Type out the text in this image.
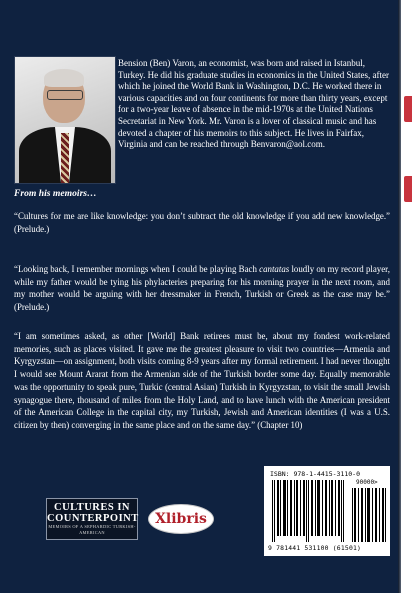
Bension (Ben) Varon, an economist, was born and raised in Istanbul, Turkey. He did his graduate studies in economics in the United States, after which he joined the World Bank in Washington, D.C. He worked there in various capacities and on four continents for more than thirty years, except for a two-year leave of absence in the mid-1970s at the United Nations Secretariat in New York. Mr. Varon is a lover of classical music and has devoted a chapter of his memoirs to this subject. He lives in Fairfax, Virginia and can be reached through Benvaron@aol.com.

From his memoirs…

“Cultures for me are like knowledge: you don’t subtract the old knowledge if you add new knowledge.” (Prelude.)

“Looking back, I remember mornings when I could be playing Bach cantatas loudly on my record player, while my father would be tying his phylacteries preparing for his morning prayer in the next room, and my mother would be arguing with her dressmaker in French, Turkish or Greek as the case may be.” (Prelude.)

“I am sometimes asked, as other [World] Bank retirees must be, about my fondest work-related memories, such as places visited. It gave me the greatest pleasure to visit two countries—Armenia and Kyrgyzstan—on assignment, both visits coming 8-9 years after my formal retirement. I had never thought I would see Mount Ararat from the Armenian side of the Turkish border some day. Equally memorable was the opportunity to speak pure, Turkic (central Asian) Turkish in Kyrgyzstan, to visit the small Jewish synagogue there, thousand of miles from the Holy Land, and to have lunch with the American president of the American College in the capital city, my Turkish, Jewish and American identities (I was a U.S. citizen by then) converging in the same place and on the same day.” (Chapter 10)

CULTURES IN
COUNTERPOINT
MEMOIRS OF A SEPHARDIC TURKISH-AMERICAN
Xlibris
ISBN: 978-1-4415-3110-0
90000>
9 781441 531100 (61501)
